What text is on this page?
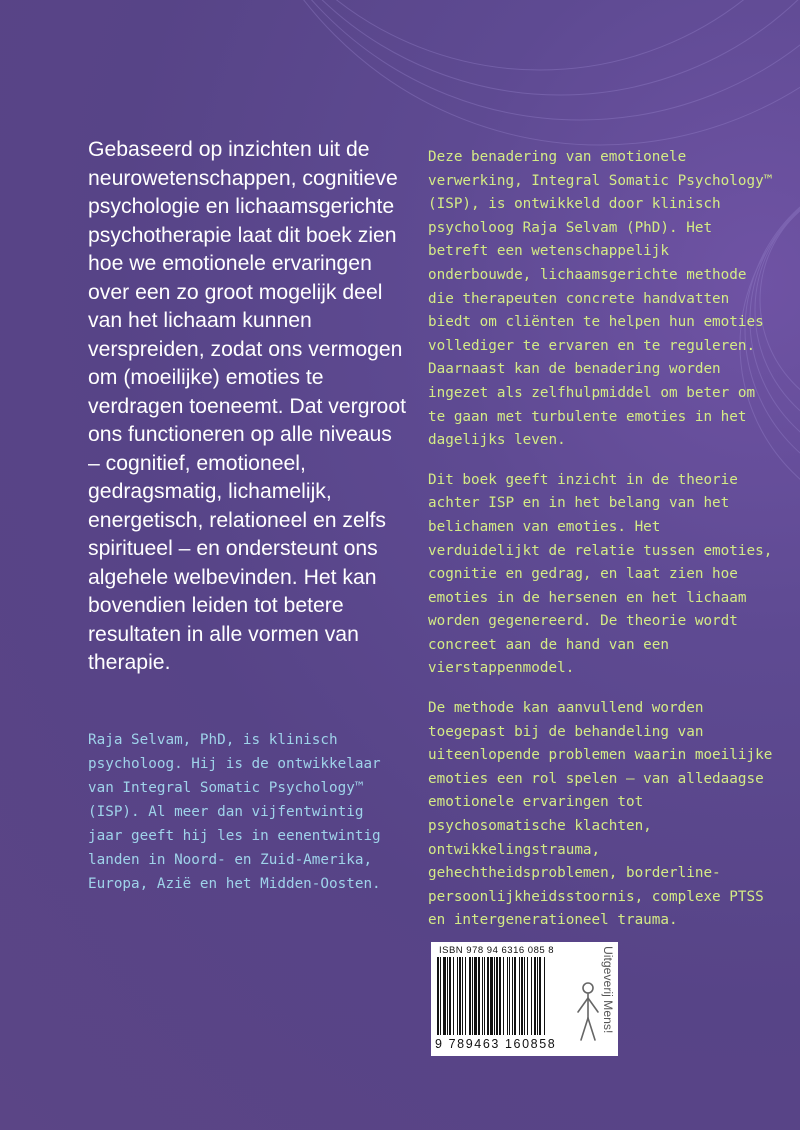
Gebaseerd op inzichten uit de neurowetenschappen, cognitieve psychologie en lichaamsgerichte psychotherapie laat dit boek zien hoe we emotionele ervaringen over een zo groot mogelijk deel van het lichaam kunnen verspreiden, zodat ons vermogen om (moeilijke) emoties te verdragen toeneemt. Dat vergroot ons functioneren op alle niveaus – cognitief, emotioneel, gedragsmatig, lichamelijk, energetisch, relationeel en zelfs spiritueel – en ondersteunt ons algehele welbevinden. Het kan bovendien leiden tot betere resultaten in alle vormen van therapie.

Raja Selvam, PhD, is klinisch psycholoog. Hij is de ontwikkelaar van Integral Somatic Psychology™ (ISP). Al meer dan vijfentwintig jaar geeft hij les in eenentwintig landen in Noord- en Zuid-Amerika, Europa, Azië en het Midden-Oosten.

Deze benadering van emotionele verwerking, Integral Somatic Psychology™ (ISP), is ontwikkeld door klinisch psycholoog Raja Selvam (PhD). Het betreft een wetenschappelijk onderbouwde, lichaamsgerichte methode die therapeuten concrete handvatten biedt om cliënten te helpen hun emoties vollediger te ervaren en te reguleren. Daarnaast kan de benadering worden ingezet als zelfhulpmiddel om beter om te gaan met turbulente emoties in het dagelijks leven.

Dit boek geeft inzicht in de theorie achter ISP en in het belang van het belichamen van emoties. Het verduidelijkt de relatie tussen emoties, cognitie en gedrag, en laat zien hoe emoties in de hersenen en het lichaam worden gegenereerd. De theorie wordt concreet aan de hand van een vierstappenmodel.

De methode kan aanvullend worden toegepast bij de behandeling van uiteenlopende problemen waarin moeilijke emoties een rol spelen – van alledaagse emotionele ervaringen tot psychosomatische klachten, ontwikkelingstrauma, gehechtheidsproblemen, borderline-persoonlijkheidsstoornis, complexe PTSS en intergenerationeel trauma.

ISBN 978 94 6316 085 8
9 789463 160858
Uitgeverij Mens!
